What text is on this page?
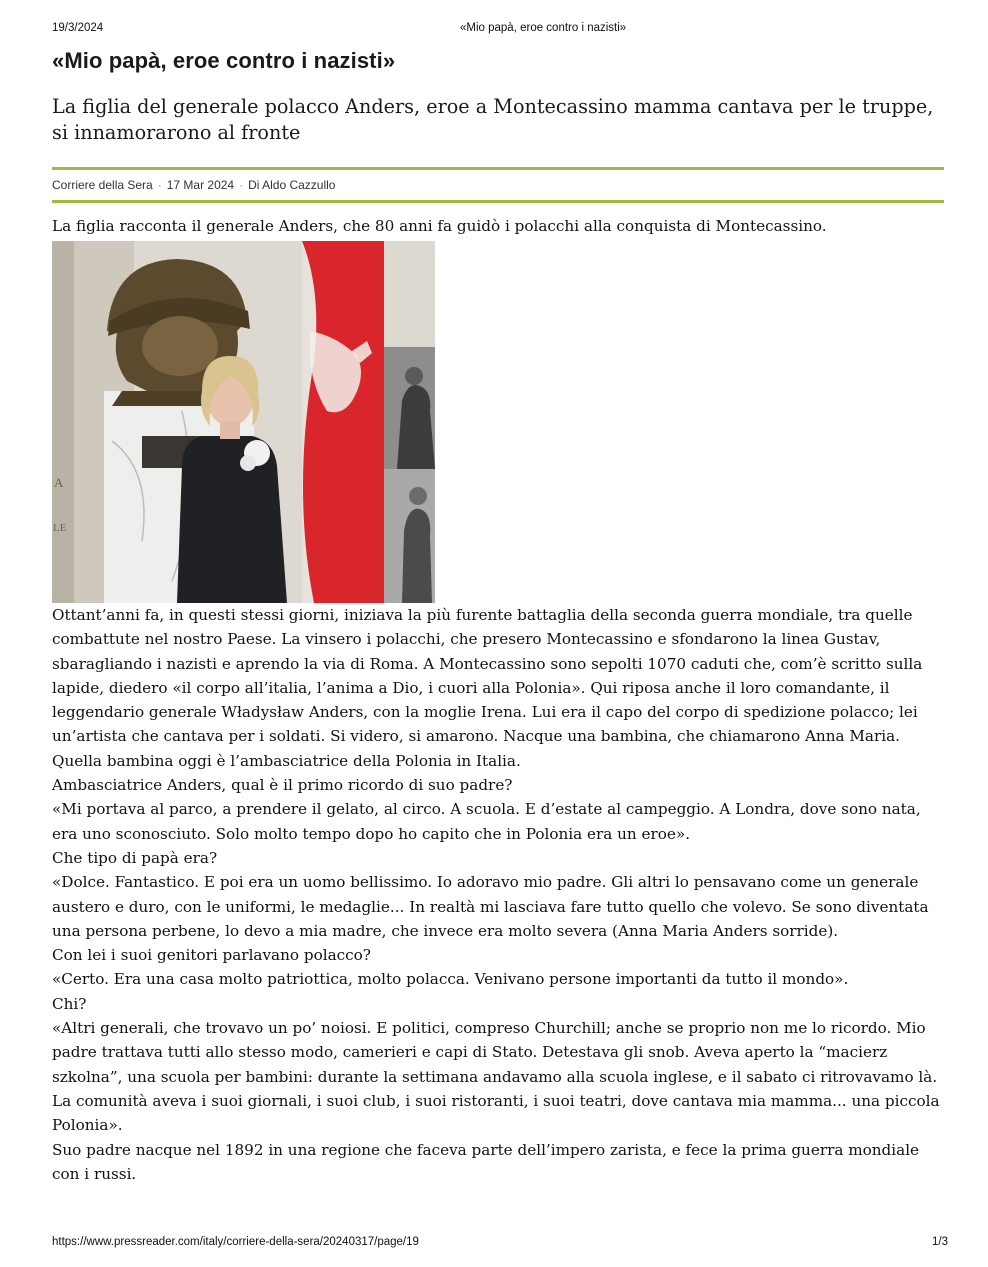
19/3/2024	«Mio papà, eroe contro i nazisti»
«Mio papà, eroe contro i nazisti»
La figlia del generale polacco Anders, eroe a Montecassino mamma cantava per le truppe, si innamorarono al fronte
Corriere della Sera · 17 Mar 2024 · Di Aldo Cazzullo

La figlia racconta il generale Anders, che 80 anni fa guidò i polacchi alla conquista di Montecassino.

A
LE

Ottant’anni fa, in questi stessi giorni, iniziava la più furente battaglia della seconda guerra mondiale, tra quelle combattute nel nostro Paese. La vinsero i polacchi, che presero Montecassino e sfondarono la linea Gustav, sbaragliando i nazisti e aprendo la via di Roma. A Montecassino sono sepolti 1070 caduti che, com’è scritto sulla lapide, diedero «il corpo all’italia, l’anima a Dio, i cuori alla Polonia». Qui riposa anche il loro comandante, il leggendario generale Władysław Anders, con la moglie Irena. Lui era il capo del corpo di spedizione polacco; lei un’artista che cantava per i soldati. Si videro, si amarono. Nacque una bambina, che chiamarono Anna Maria. Quella bambina oggi è l’ambasciatrice della Polonia in Italia.

Ambasciatrice Anders, qual è il primo ricordo di suo padre?

«Mi portava al parco, a prendere il gelato, al circo. A scuola. E d’estate al campeggio. A Londra, dove sono nata, era uno sconosciuto. Solo molto tempo dopo ho capito che in Polonia era un eroe».

Che tipo di papà era?

«Dolce. Fantastico. E poi era un uomo bellissimo. Io adoravo mio padre. Gli altri lo pensavano come un generale austero e duro, con le uniformi, le medaglie... In realtà mi lasciava fare tutto quello che volevo. Se sono diventata una persona perbene, lo devo a mia madre, che invece era molto severa (Anna Maria Anders sorride).

Con lei i suoi genitori parlavano polacco?

«Certo. Era una casa molto patriottica, molto polacca. Venivano persone importanti da tutto il mondo».

Chi?

«Altri generali, che trovavo un po’ noiosi. E politici, compreso Churchill; anche se proprio non me lo ricordo. Mio padre trattava tutti allo stesso modo, camerieri e capi di Stato. Detestava gli snob. Aveva aperto la “macierz szkolna”, una scuola per bambini: durante la settimana andavamo alla scuola inglese, e il sabato ci ritrovavamo là. La comunità aveva i suoi giornali, i suoi club, i suoi ristoranti, i suoi teatri, dove cantava mia mamma... una piccola Polonia».

Suo padre nacque nel 1892 in una regione che faceva parte dell’impero zarista, e fece la prima guerra mondiale con i russi.

https://www.pressreader.com/italy/corriere-della-sera/20240317/page/19	1/3
